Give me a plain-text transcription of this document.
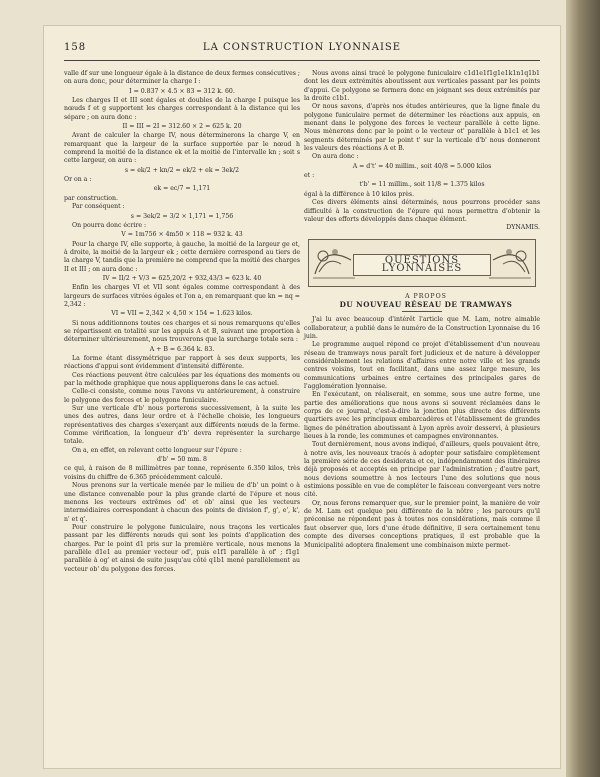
158	LA CONSTRUCTION LYONNAISE

valle df sur une longueur égale à la distance de deux fermes consécutives ; on aura donc, pour déterminer la charge I :

I = 0.837 × 4.5 × 83 = 312 k. 60.

Les charges II et III sont égales et doubles de la charge I puisque les nœuds f et g supportent les charges correspondant à la distance qui les sépare ; on aura donc :

II = III = 2I = 312.60 × 2 = 625 k. 20

Avant de calculer la charge IV, nous déterminerons la charge V, en remarquant que la largeur de la surface supportée par le nœud h comprend la moitié de la distance ek et la moitié de l'intervalle kn ; soit s cette largeur, on aura :

s = ek/2 + kn/2 = ek/2 + ek = 3ek/2

Or on a :

ek = ec/7 = 1,171

par construction.

Par conséquent :

s = 3ek/2 = 3/2 × 1,171 = 1,756

On pourra donc écrire :

V = 1m756 × 4m50 × 118 = 932 k. 43

Pour la charge IV, elle supporte, à gauche, la moitié de la largeur ge et, à droite, la moitié de la largeur ek ; cette dernière correspond au tiers de la charge V, tandis que la première ne comprend que la moitié des charges II et III ; on aura donc :

IV = II/2 + V/3 = 625,20/2 + 932,43/3 = 623 k. 40

Enfin les charges VI et VII sont égales comme correspondant à des largeurs de surfaces vitrées égales et l'on a, en remarquant que kn = nq = 2,342 :

VI = VII = 2,342 × 4,50 × 154 = 1.623 kilos.

Si nous additionnons toutes ces charges et si nous remarquons qu'elles se répartissent en totalité sur les appuis A et B, suivant une proportion à déterminer ultérieurement, nous trouverons que la surcharge totale sera :

A + B = 6.364 k. 83.

La forme étant dissymétrique par rapport à ses deux supports, les réactions d'appui sont évidemment d'intensité différente.

Ces réactions peuvent être calculées par les équations des moments ou par la méthode graphique que nous appliquerons dans le cas actuel.

Celle-ci consiste, comme nous l'avons vu antérieurement, à construire le polygone des forces et le polygone funiculaire.

Sur une verticale d'b' nous porterons successivement, à la suite les unes des autres, dans leur ordre et à l'échelle choisie, les longueurs représentatives des charges s'exerçant aux différents nœuds de la ferme. Comme vérification, la longueur d'b' devra représenter la surcharge totale.

On a, en effet, en relevant cette longueur sur l'épure :

d'b' = 50 mm. 8

ce qui, à raison de 8 millimètres par tonne, représente 6.350 kilos, très voisins du chiffre de 6.365 précédemment calculé.

Nous prenons sur la verticale menée par le milieu de d'b' un point o à une distance convenable pour la plus grande clarté de l'épure et nous menons les vecteurs extrêmes od' et ob' ainsi que les vecteurs intermédiaires correspondant à chacun des points de division f', g', e', k', n' et q'.

Pour construire le polygone funiculaire, nous traçons les verticales passant par les différents nœuds qui sont les points d'application des charges. Par le point d1 pris sur la première verticale, nous menons la parallèle d1e1 au premier vecteur od', puis e1f1 parallèle à of' ; f1g1 parallèle à og' et ainsi de suite jusqu'au côté q1b1 mené parallèlement au vecteur ob' du polygone des forces.

Nous avons ainsi tracé le polygone funiculaire c1d1e1f1g1e1k1n1q1b1 dont les deux extrémités aboutissent aux verticales passant par les points d'appui. Ce polygone se fermera donc en joignant ses deux extrémités par la droite c1b1.

Or nous savons, d'après nos études antérieures, que la ligne finale du polygone funiculaire permet de déterminer les réactions aux appuis, en menant dans le polygone des forces le vecteur parallèle à cette ligne. Nous mènerons donc par le point o le vecteur ot' parallèle à b1c1 et les segments déterminés par le point t' sur la verticale d'b' nous donneront les valeurs des réactions A et B.

On aura donc :

A = d't' = 40 millim., soit 40/8 = 5.000 kilos

et :

t'b' = 11 millim., soit 11/8 = 1.375 kilos

égal à la différence à 10 kilos près.

Ces divers éléments ainsi déterminés, nous pourrons procéder sans difficulté à la construction de l'épure qui nous permettra d'obtenir la valeur des efforts développés dans chaque élément.

DYNAMIS.

QUESTIONS LYONNAISES

A PROPOS

DU NOUVEAU RÉSEAU DE TRAMWAYS

J'ai lu avec beaucoup d'intérêt l'article que M. Lam, notre aimable collaborateur, a publié dans le numéro de la Construction Lyonnaise du 16 juin.

Le programme auquel répond ce projet d'établissement d'un nouveau réseau de tramways nous paraît fort judicieux et de nature à développer considérablement les relations d'affaires entre notre ville et les grands centres voisins, tout en facilitant, dans une assez large mesure, les communications urbaines entre certaines des principales gares de l'agglomération lyonnaise.

En l'exécutant, on réaliserait, en somme, sous une autre forme, une partie des améliorations que nous avons si souvent réclamées dans le corps de ce journal, c'est-à-dire la jonction plus directe des différents quartiers avec les principaux embarcadères et l'établissement de grandes lignes de pénétration aboutissant à Lyon après avoir desservi, à plusieurs lieues à la ronde, les communes et campagnes environnantes.

Tout dernièrement, nous avons indiqué, d'ailleurs, quels pouvaient être, à notre avis, les nouveaux tracés à adopter pour satisfaire complètement la première série de ces desiderata et ce, indépendamment des itinéraires déjà proposés et acceptés en principe par l'administration ; d'autre part, nous devions soumettre à nos lecteurs l'une des solutions que nous estimions possible en vue de compléter le faisceau convergeant vers notre cité.

Or, nous ferons remarquer que, sur le premier point, la manière de voir de M. Lam est quelque peu différente de la nôtre ; les parcours qu'il préconise ne répondent pas à toutes nos considérations, mais comme il faut observer que, lors d'une étude définitive, il sera certainement tenu compte des diverses conceptions pratiques, il est probable que la Municipalité adoptera finalement une combinaison mixte permet-
